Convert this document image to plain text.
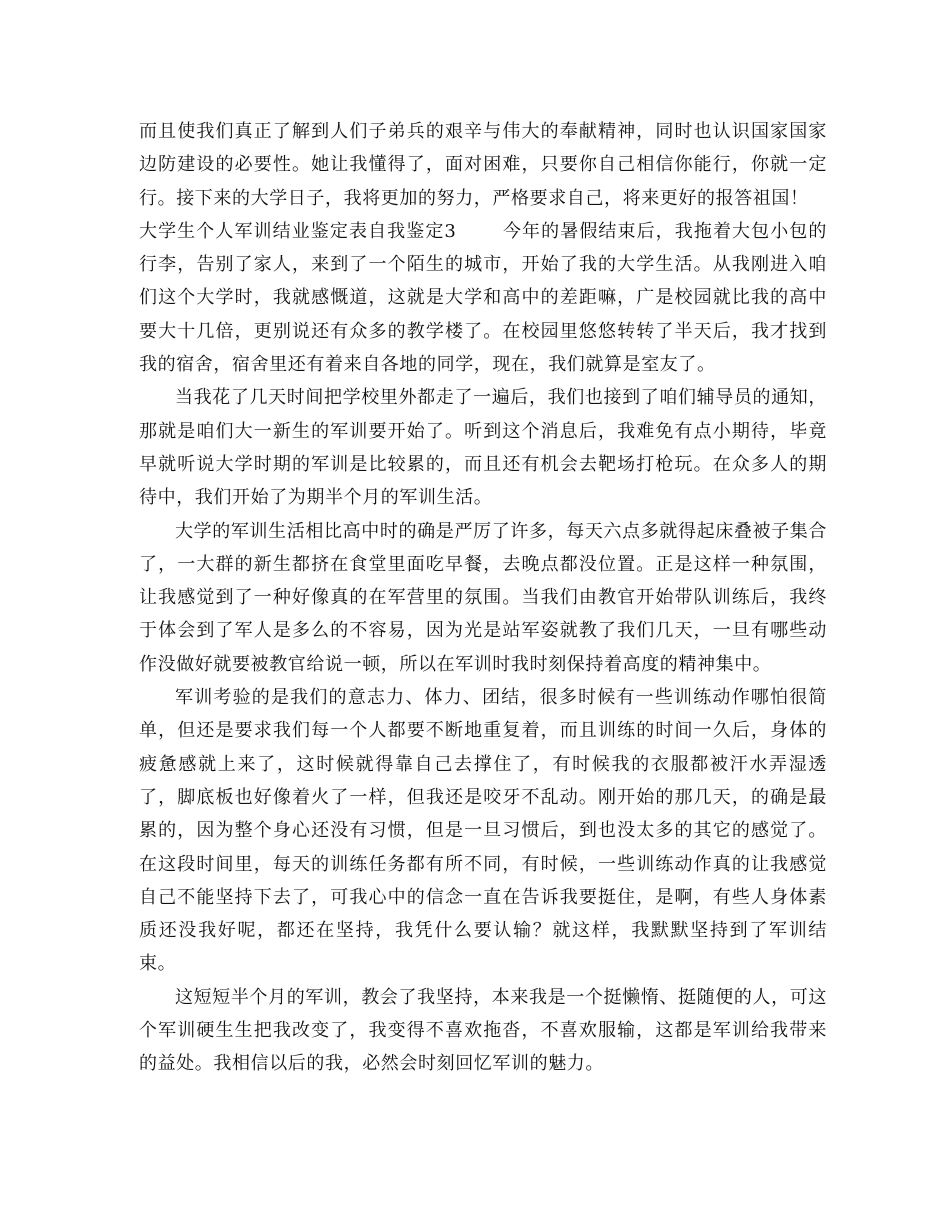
而且使我们真正了解到人们子弟兵的艰辛与伟大的奉献精神，同时也认识国家国家边防建设的必要性。她让我懂得了，面对困难，只要你自己相信你能行，你就一定行。接下来的大学日子，我将更加的努力，严格要求自己，将来更好的报答祖国！

大学生个人军训结业鉴定表自我鉴定3	今年的暑假结束后，我拖着大包小包的行李，告别了家人，来到了一个陌生的城市，开始了我的大学生活。从我刚进入咱们这个大学时，我就感慨道，这就是大学和高中的差距嘛，广是校园就比我的高中要大十几倍，更别说还有众多的教学楼了。在校园里悠悠转转了半天后，我才找到我的宿舍，宿舍里还有着来自各地的同学，现在，我们就算是室友了。

当我花了几天时间把学校里外都走了一遍后，我们也接到了咱们辅导员的通知，那就是咱们大一新生的军训要开始了。听到这个消息后，我难免有点小期待，毕竟早就听说大学时期的军训是比较累的，而且还有机会去靶场打枪玩。在众多人的期待中，我们开始了为期半个月的军训生活。

大学的军训生活相比高中时的确是严厉了许多，每天六点多就得起床叠被子集合了，一大群的新生都挤在食堂里面吃早餐，去晚点都没位置。正是这样一种氛围，让我感觉到了一种好像真的在军营里的氛围。当我们由教官开始带队训练后，我终于体会到了军人是多么的不容易，因为光是站军姿就教了我们几天，一旦有哪些动作没做好就要被教官给说一顿，所以在军训时我时刻保持着高度的精神集中。

军训考验的是我们的意志力、体力、团结，很多时候有一些训练动作哪怕很简单，但还是要求我们每一个人都要不断地重复着，而且训练的时间一久后，身体的疲惫感就上来了，这时候就得靠自己去撑住了，有时候我的衣服都被汗水弄湿透了，脚底板也好像着火了一样，但我还是咬牙不乱动。刚开始的那几天，的确是最累的，因为整个身心还没有习惯，但是一旦习惯后，到也没太多的其它的感觉了。在这段时间里，每天的训练任务都有所不同，有时候，一些训练动作真的让我感觉自己不能坚持下去了，可我心中的信念一直在告诉我要挺住，是啊，有些人身体素质还没我好呢，都还在坚持，我凭什么要认输？就这样，我默默坚持到了军训结束。

这短短半个月的军训，教会了我坚持，本来我是一个挺懒惰、挺随便的人，可这个军训硬生生把我改变了，我变得不喜欢拖沓，不喜欢服输，这都是军训给我带来的益处。我相信以后的我，必然会时刻回忆军训的魅力。
